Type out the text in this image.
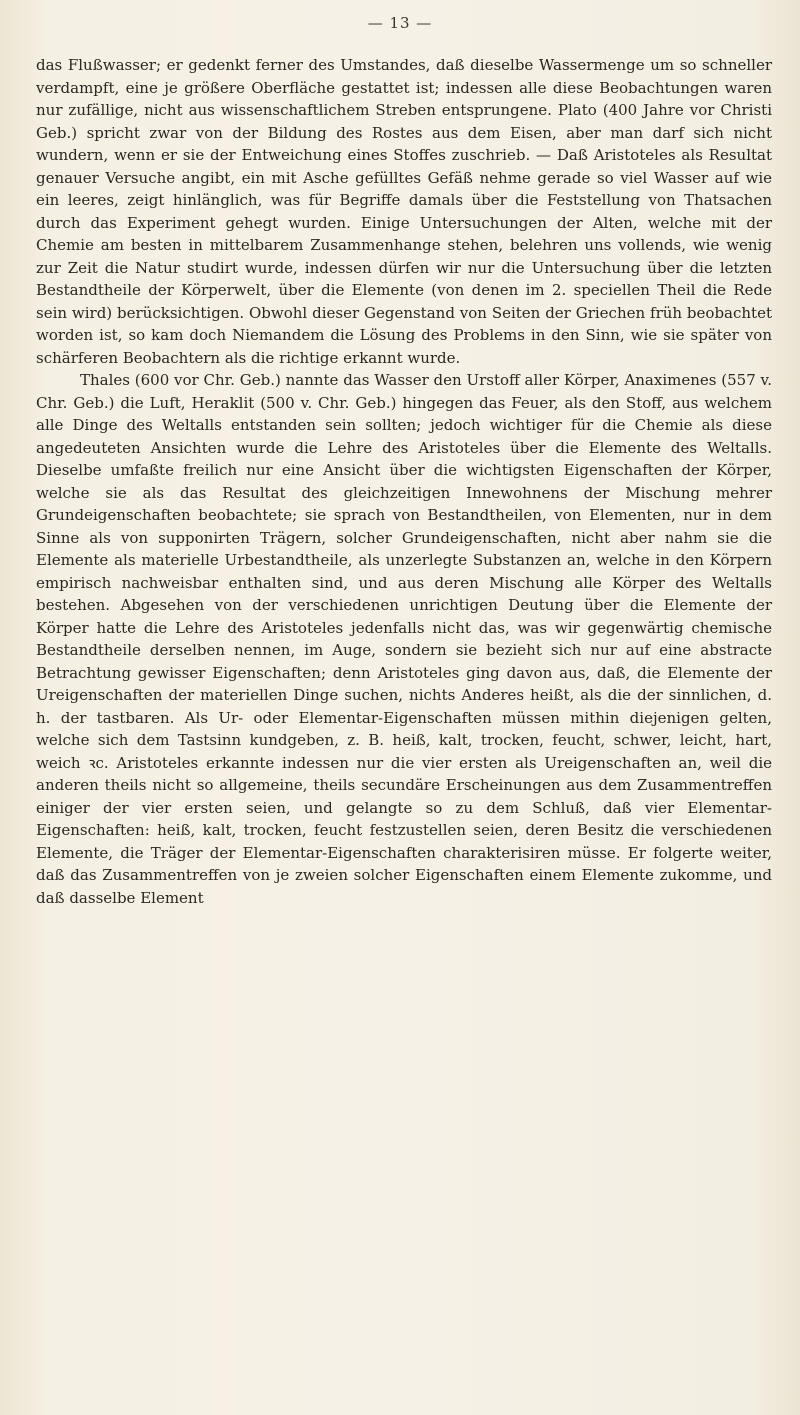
— 13 —

das Flußwasser; er gedenkt ferner des Umstandes, daß dieselbe Wassermenge um so schneller verdampft, eine je größere Oberfläche gestattet ist; indessen alle diese Beobachtungen waren nur zufällige, nicht aus wissenschaftlichem Streben entsprungene. Plato (400 Jahre vor Christi Geb.) spricht zwar von der Bildung des Rostes aus dem Eisen, aber man darf sich nicht wundern, wenn er sie der Entweichung eines Stoffes zuschrieb. — Daß Aristoteles als Resultat genauer Versuche angibt, ein mit Asche gefülltes Gefäß nehme gerade so viel Wasser auf wie ein leeres, zeigt hinlänglich, was für Begriffe damals über die Feststellung von Thatsachen durch das Experiment gehegt wurden. Einige Untersuchungen der Alten, welche mit der Chemie am besten in mittelbarem Zusammenhange stehen, belehren uns vollends, wie wenig zur Zeit die Natur studirt wurde, indessen dürfen wir nur die Untersuchung über die letzten Bestandtheile der Körperwelt, über die Elemente (von denen im 2. speciellen Theil die Rede sein wird) berücksichtigen. Obwohl dieser Gegenstand von Seiten der Griechen früh beobachtet worden ist, so kam doch Niemandem die Lösung des Problems in den Sinn, wie sie später von schärferen Beobachtern als die richtige erkannt wurde.

Thales (600 vor Chr. Geb.) nannte das Wasser den Urstoff aller Körper, Anaximenes (557 v. Chr. Geb.) die Luft, Heraklit (500 v. Chr. Geb.) hingegen das Feuer, als den Stoff, aus welchem alle Dinge des Weltalls entstanden sein sollten; jedoch wichtiger für die Chemie als diese angedeuteten Ansichten wurde die Lehre des Aristoteles über die Elemente des Weltalls. Dieselbe umfaßte freilich nur eine Ansicht über die wichtigsten Eigenschaften der Körper, welche sie als das Resultat des gleichzeitigen Innewohnens der Mischung mehrer Grundeigenschaften beobachtete; sie sprach von Bestandtheilen, von Elementen, nur in dem Sinne als von supponirten Trägern, solcher Grundeigenschaften, nicht aber nahm sie die Elemente als materielle Urbestandtheile, als unzerlegte Substanzen an, welche in den Körpern empirisch nachweisbar enthalten sind, und aus deren Mischung alle Körper des Weltalls bestehen. Abgesehen von der verschiedenen unrichtigen Deutung über die Elemente der Körper hatte die Lehre des Aristoteles jedenfalls nicht das, was wir gegenwärtig chemische Bestandtheile derselben nennen, im Auge, sondern sie bezieht sich nur auf eine abstracte Betrachtung gewisser Eigenschaften; denn Aristoteles ging davon aus, daß, die Elemente der Ureigenschaften der materiellen Dinge suchen, nichts Anderes heißt, als die der sinnlichen, d. h. der tastbaren. Als Ur- oder Elementar-Eigenschaften müssen mithin diejenigen gelten, welche sich dem Tastsinn kundgeben, z. B. heiß, kalt, trocken, feucht, schwer, leicht, hart, weich ꝛc. Aristoteles erkannte indessen nur die vier ersten als Ureigenschaften an, weil die anderen theils nicht so allgemeine, theils secundäre Erscheinungen aus dem Zusammentreffen einiger der vier ersten seien, und gelangte so zu dem Schluß, daß vier Elementar-Eigenschaften: heiß, kalt, trocken, feucht festzustellen seien, deren Besitz die verschiedenen Elemente, die Träger der Elementar-Eigenschaften charakterisiren müsse. Er folgerte weiter, daß das Zusammentreffen von je zweien solcher Eigenschaften einem Elemente zukomme, und daß dasselbe Element
